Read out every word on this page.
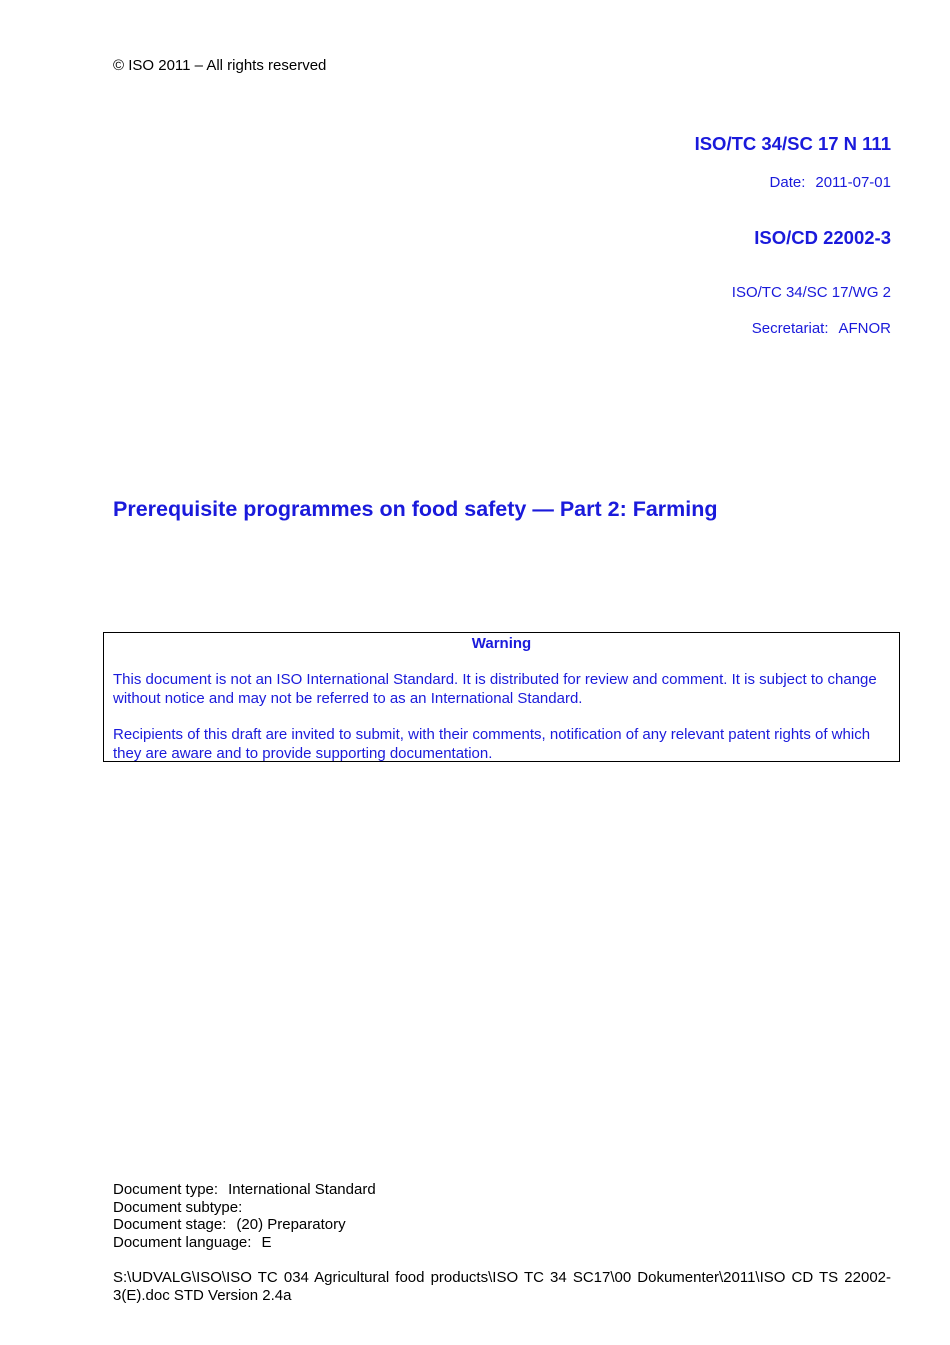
© ISO 2011 – All rights reserved
ISO/TC 34/SC 17 N 111
Date: 2011-07-01
ISO/CD 22002-3
ISO/TC 34/SC 17/WG 2
Secretariat: AFNOR
Prerequisite programmes on food safety — Part 2: Farming
Warning

This document is not an ISO International Standard. It is distributed for review and comment. It is subject to change without notice and may not be referred to as an International Standard.

Recipients of this draft are invited to submit, with their comments, notification of any relevant patent rights of which they are aware and to provide supporting documentation.

Document type: International Standard
Document subtype:
Document stage: (20) Preparatory
Document language: E
S:\UDVALG\ISO\ISO TC 034 Agricultural food products\ISO TC 34 SC17\00 Dokumenter\2011\ISO CD TS 22002-3(E).doc STD Version 2.4a
